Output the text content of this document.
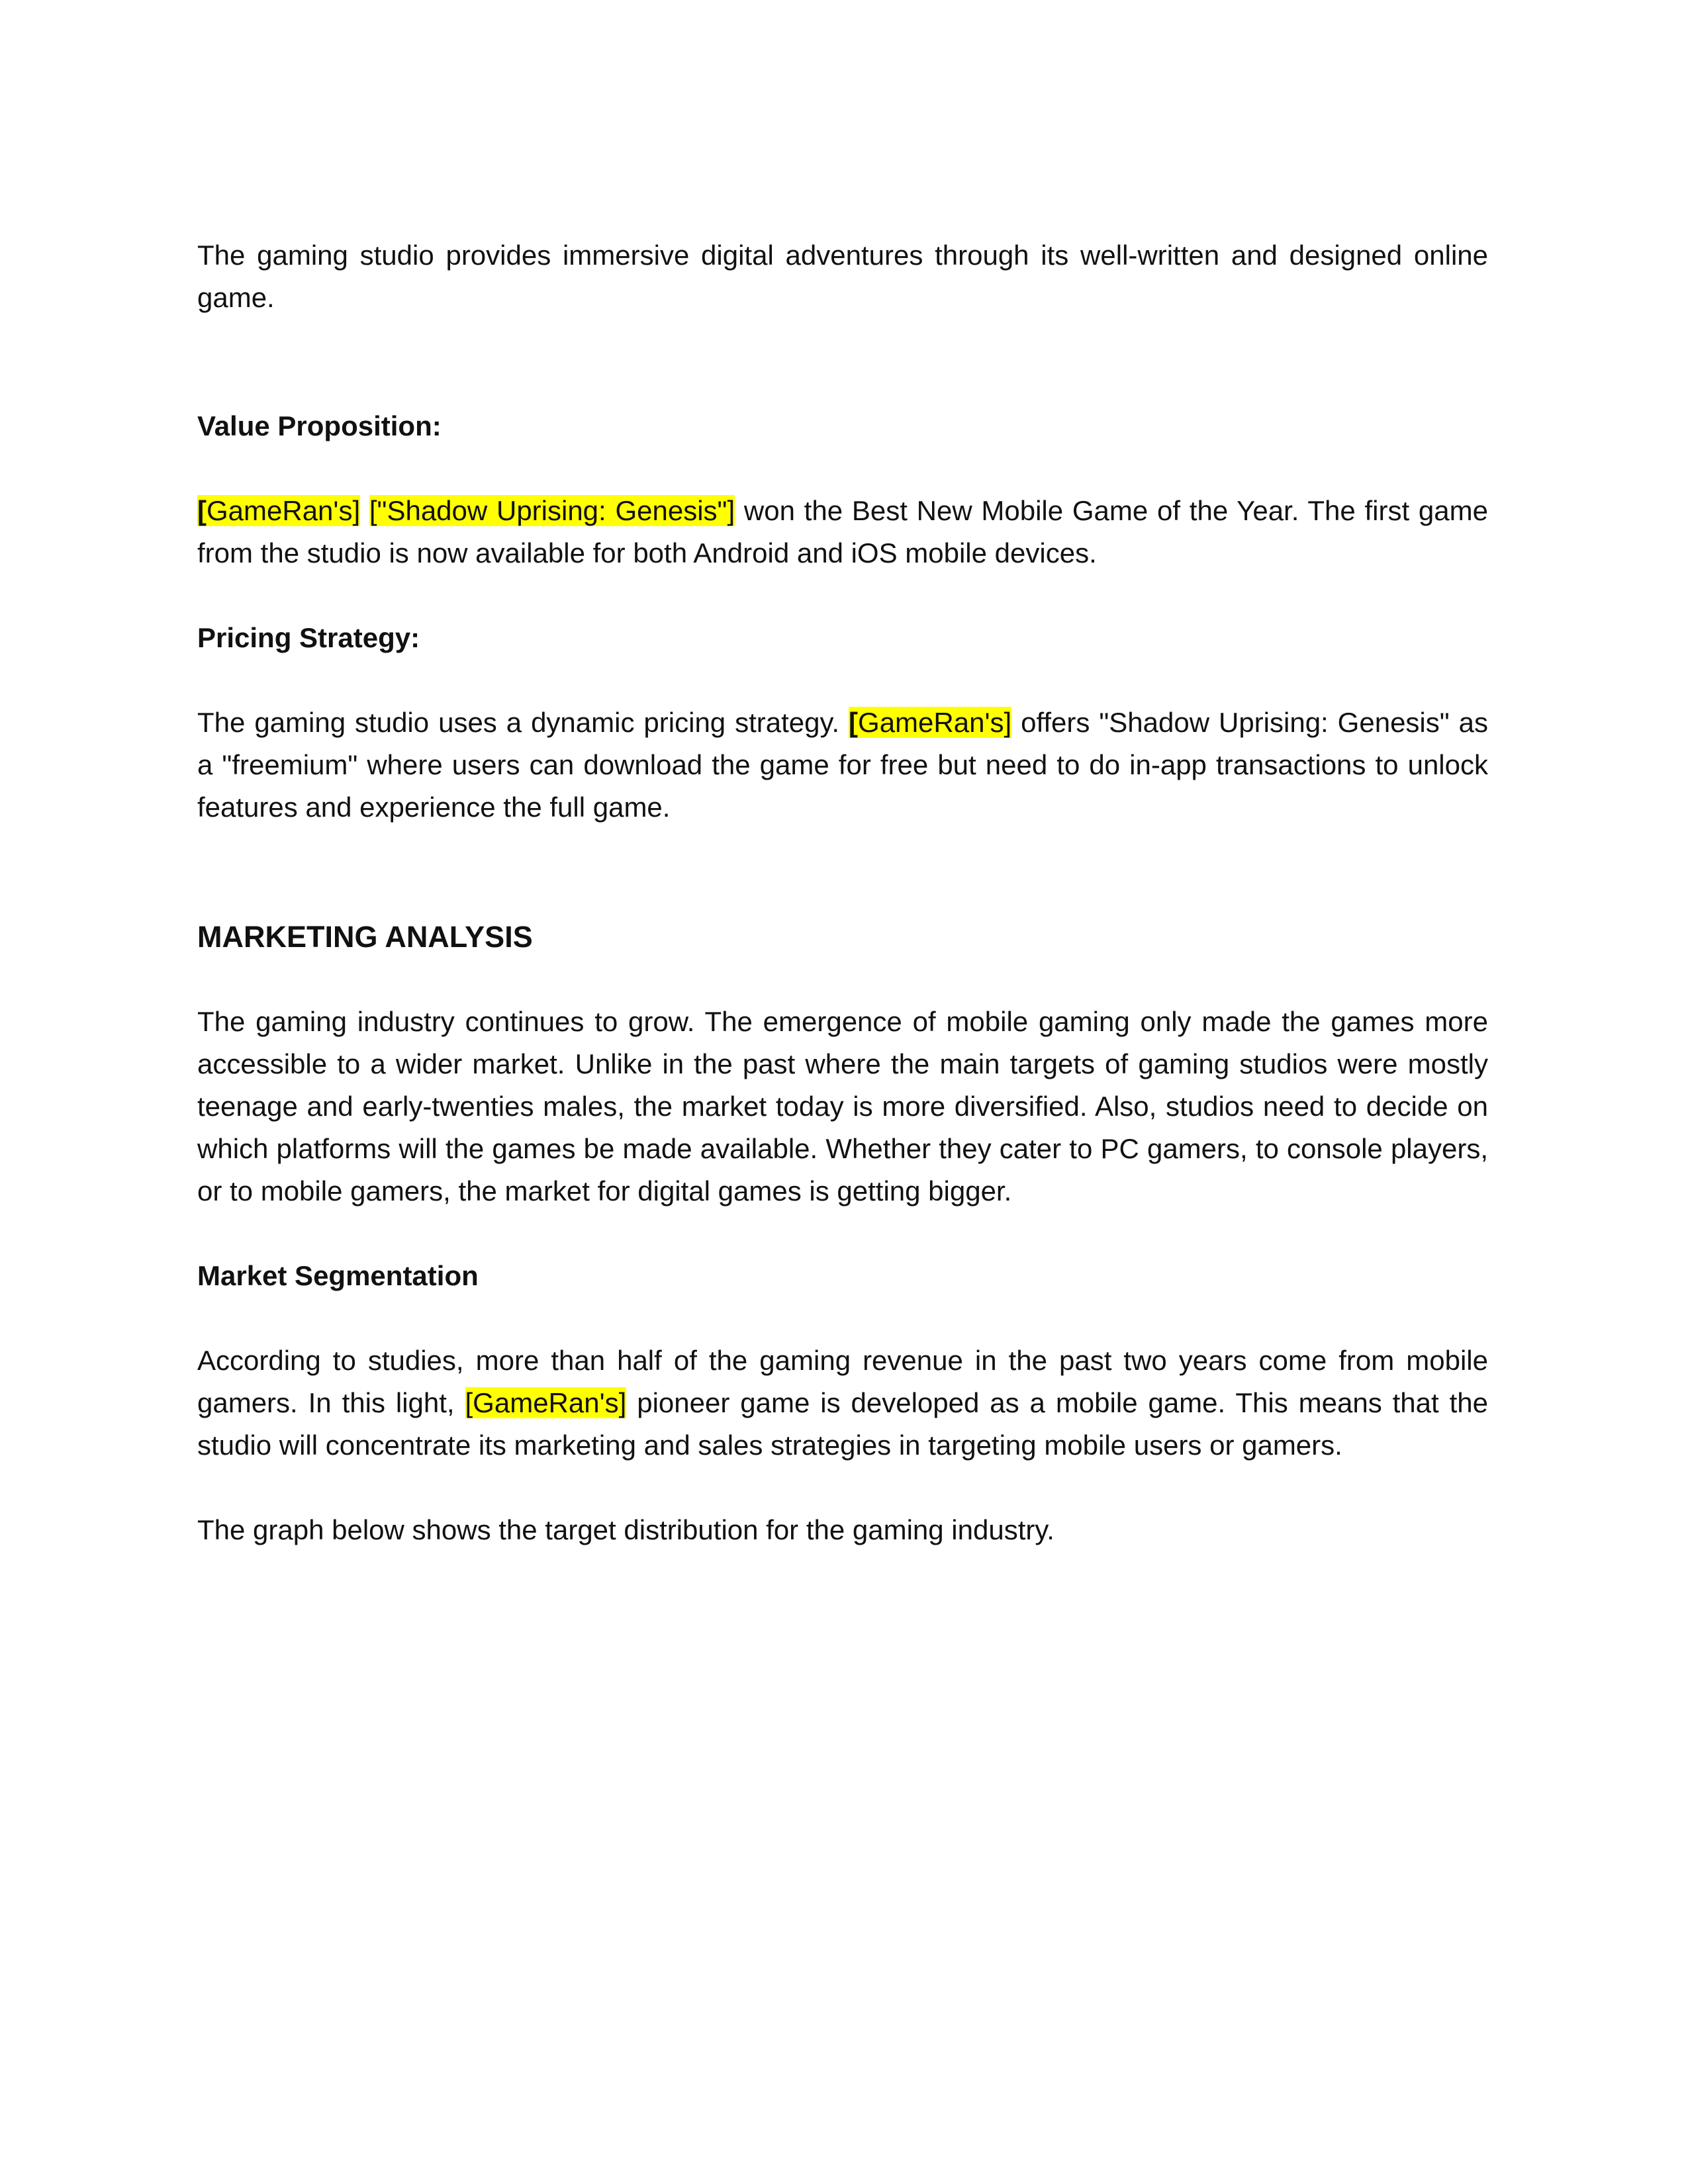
The gaming studio provides immersive digital adventures through its well-written and designed online game.

Value Proposition:

[GameRan's] ["Shadow Uprising: Genesis"] won the Best New Mobile Game of the Year. The first game from the studio is now available for both Android and iOS mobile devices.

Pricing Strategy:

The gaming studio uses a dynamic pricing strategy. [GameRan's] offers "Shadow Uprising: Genesis" as a "freemium" where users can download the game for free but need to do in-app transactions to unlock features and experience the full game.

MARKETING ANALYSIS

The gaming industry continues to grow. The emergence of mobile gaming only made the games more accessible to a wider market. Unlike in the past where the main targets of gaming studios were mostly teenage and early-twenties males, the market today is more diversified. Also, studios need to decide on which platforms will the games be made available. Whether they cater to PC gamers, to console players, or to mobile gamers, the market for digital games is getting bigger.

Market Segmentation

According to studies, more than half of the gaming revenue in the past two years come from mobile gamers. In this light, [GameRan's] pioneer game is developed as a mobile game. This means that the studio will concentrate its marketing and sales strategies in targeting mobile users or gamers.

The graph below shows the target distribution for the gaming industry.
